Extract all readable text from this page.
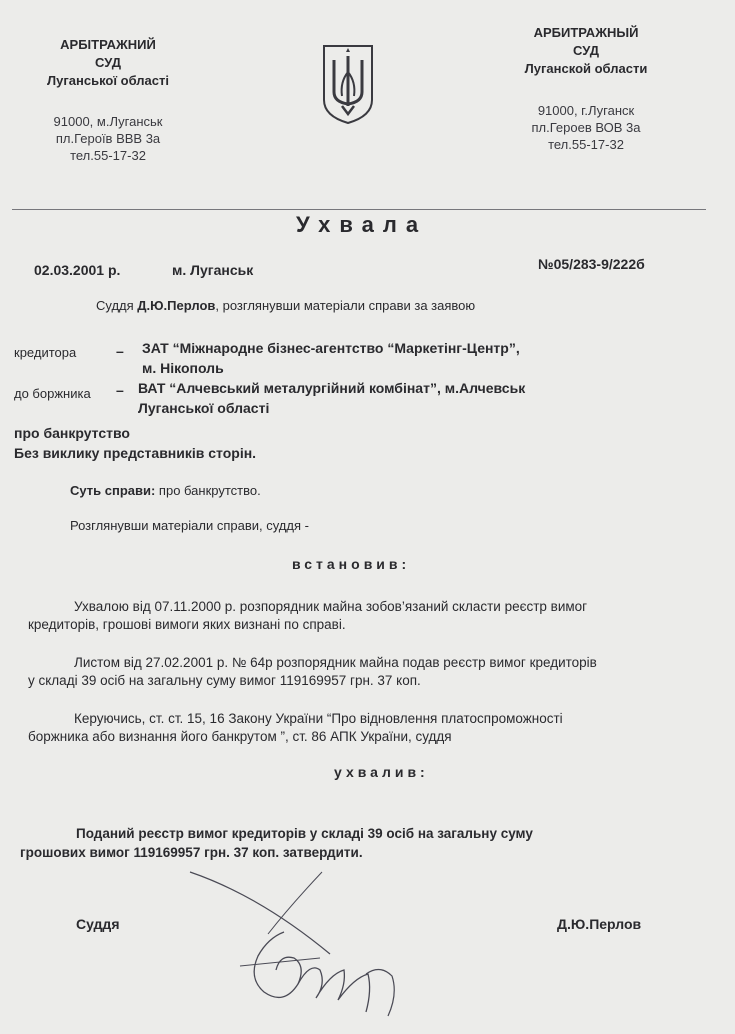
АРБІТРАЖНИЙ
СУД
Луганської області
91000, м.Луганськ
пл.Героїв ВВВ 3а
тел.55-17-32
АРБИТРАЖНЫЙ
СУД
Луганской области
91000, г.Луганск
пл.Героев ВОВ 3а
тел.55-17-32
Ухвала
02.03.2001 р.	м. Луганськ	№05/283-9/222б
Суддя Д.Ю.Перлов, розглянувши матеріали справи за заявою
кредитора	– ЗАТ “Міжнародне бізнес-агентство “Маркетінг-Центр”,
м. Нікополь
до боржника – ВАТ “Алчевський металургійний комбінат”, м.Алчевськ
Луганської області
про банкрутство
Без виклику представників сторін.
Суть справи: про банкрутство.
Розглянувши матеріали справи, суддя -
встановив:
Ухвалою від 07.11.2000 р. розпорядник майна зобов’язаний скласти реєстр вимог
кредиторів, грошові вимоги яких визнані по справі.
Листом від 27.02.2001 р. № 64р розпорядник майна подав реєстр вимог кредиторів
у складі 39 осіб на загальну суму вимог 119169957 грн. 37 коп.
Керуючись, ст. ст. 15, 16 Закону України “Про відновлення платоспроможності
боржника або визнання його банкрутом ”, ст. 86 АПК України, суддя
ухвалив:
Поданий реєстр вимог кредиторів у складі 39 осіб на загальну суму
грошових вимог 119169957 грн. 37 коп. затвердити.
Суддя	Д.Ю.Перлов
